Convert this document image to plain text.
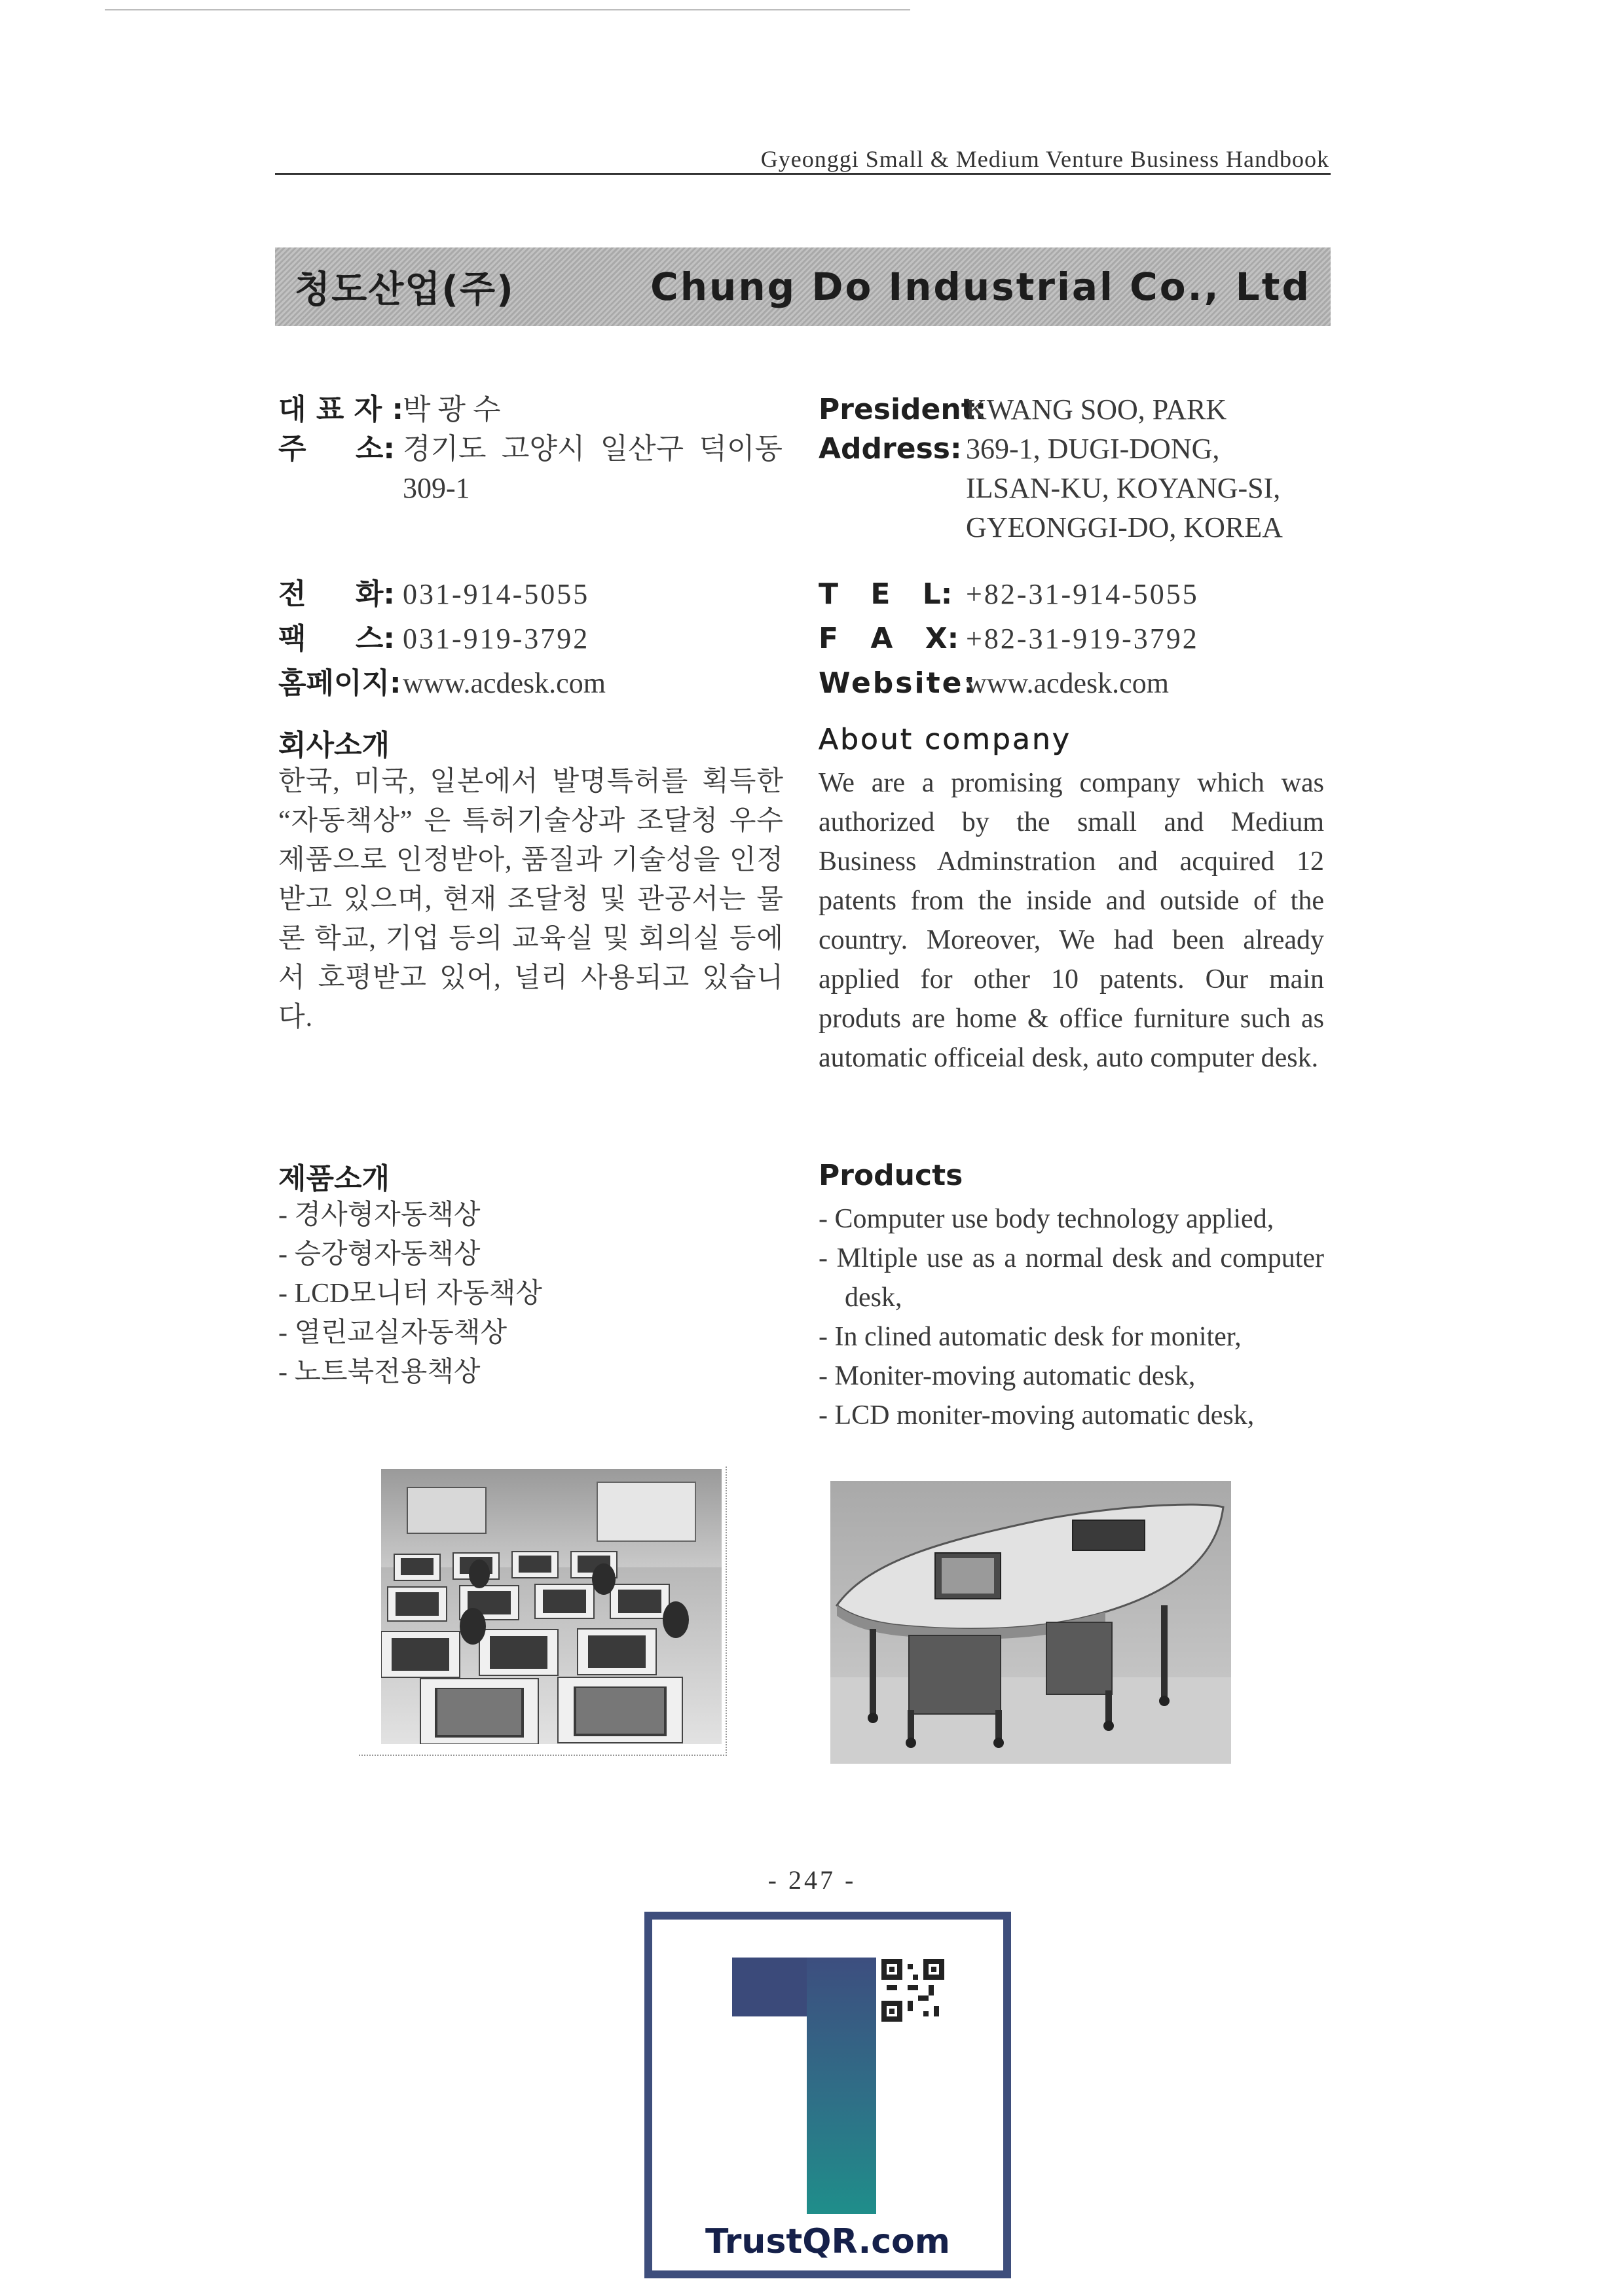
Gyeonggi Small & Medium Venture Business Handbook
청도산업(주)	Chung Do Industrial Co., Ltd
대 표 자 :
박 광 수
주 소: 경기도 고양시 일산구 덕이동 309-1
전 화: 031-914-5055
팩 스: 031-919-3792
홈페이지: www.acdesk.com
President:
KWANG SOO, PARK
Address: 369-1, DUGI-DONG,
ILSAN-KU, KOYANG-SI,
GYEONGGI-DO, KOREA
T E L: +82-31-914-5055
F A X: +82-31-919-3792
Website:
www.acdesk.com
회사소개
한국, 미국, 일본에서 발명특허를 획득한 “자동책상” 은 특허기술상과 조달청 우수제품으로 인정받아, 품질과 기술성을 인정받고 있으며, 현재 조달청 및 관공서는 물론 학교, 기업 등의 교육실 및 회의실 등에서 호평받고 있어, 널리 사용되고 있습니다.
About company
We are a promising company which was authorized by the small and Medium Business Adminstration and acquired 12 patents from the inside and outside of the country. Moreover, We had been already applied for other 10 patents. Our main produts are home & office furniture such as automatic officeial desk, auto computer desk.
제품소개
- 경사형자동책상
- 승강형자동책상
- LCD모니터 자동책상
- 열린교실자동책상
- 노트북전용책상
Products
- Computer use body technology applied,
- Mltiple use as a normal desk and computer desk,
- In clined automatic desk for moniter,
- Moniter-moving automatic desk,
- LCD moniter-moving automatic desk,
- 247 -
TrustQR.com
